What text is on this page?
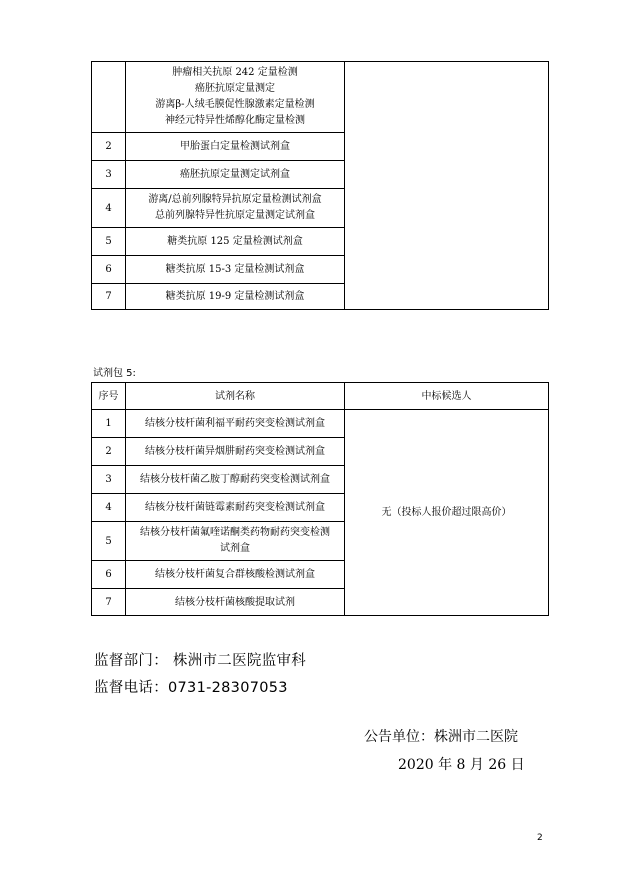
	肿瘤相关抗原 242 定量检测
癌胚抗原定量测定
游离β-人绒毛膜促性腺激素定量检测
神经元特异性烯醇化酶定量检测	

2	甲胎蛋白定量检测试剂盒	
3	癌胚抗原定量测定试剂盒	
4	游离/总前列腺特异抗原定量检测试剂盒
总前列腺特异性抗原定量测定试剂盒	

5	糖类抗原 125 定量检测试剂盒	
6	糖类抗原 15-3 定量检测试剂盒	
7	糖类抗原 19-9 定量检测试剂盒	
试剂包 5:
序号	试剂名称	中标候选人
1	结核分枝杆菌利福平耐药突变检测试剂盒	无（投标人报价超过限高价）
2	结核分枝杆菌异烟肼耐药突变检测试剂盒	
3	结核分枝杆菌乙胺丁醇耐药突变检测试剂盒	
4	结核分枝杆菌链霉素耐药突变检测试剂盒	
5	结核分枝杆菌氟喹诺酮类药物耐药突变检测
试剂盒	

6	结核分枝杆菌复合群核酸检测试剂盒	
7	结核分枝杆菌核酸提取试剂	
监督部门： 株洲市二医院监审科
监督电话：0731-28307053
公告单位：株洲市二医院
2020 年 8 月 26 日
2
